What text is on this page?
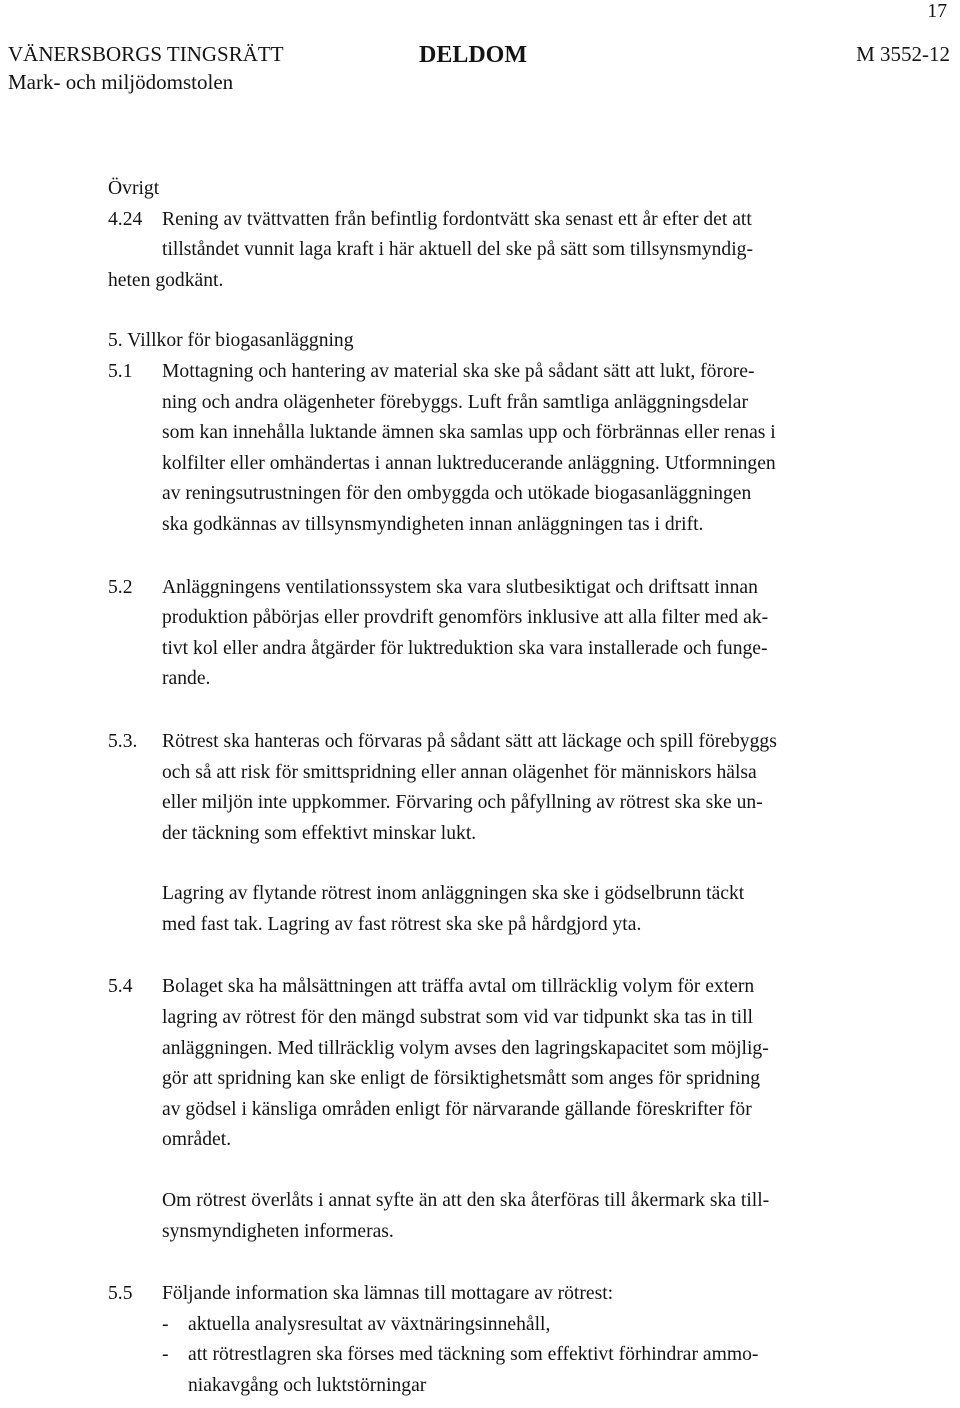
17
VÄNERSBORGS TINGSRÄTT
Mark- och miljödomstolen
DELDOM	M 3552-12
Övrigt
4.24	Rening av tvättvatten från befintlig fordontvätt ska senast ett år efter det att

tillståndet vunnit laga kraft i här aktuell del ske på sätt som tillsynsmyndig-

heten godkänt.
5. Villkor för biogasanläggning
5.1	Mottagning och hantering av material ska ske på sådant sätt att lukt, förore-

ning och andra olägenheter förebyggs. Luft från samtliga anläggningsdelar

som kan innehålla luktande ämnen ska samlas upp och förbrännas eller renas i

kolfilter eller omhändertas i annan luktreducerande anläggning. Utformningen

av reningsutrustningen för den ombyggda och utökade biogasanläggningen

ska godkännas av tillsynsmyndigheten innan anläggningen tas i drift.

5.2	Anläggningens ventilationssystem ska vara slutbesiktigat och driftsatt innan

produktion påbörjas eller provdrift genomförs inklusive att alla filter med ak-

tivt kol eller andra åtgärder för luktreduktion ska vara installerade och funge-

rande.

5.3.	Rötrest ska hanteras och förvaras på sådant sätt att läckage och spill förebyggs

och så att risk för smittspridning eller annan olägenhet för människors hälsa

eller miljön inte uppkommer. Förvaring och påfyllning av rötrest ska ske un-

der täckning som effektivt minskar lukt.

Lagring av flytande rötrest inom anläggningen ska ske i gödselbrunn täckt

med fast tak. Lagring av fast rötrest ska ske på hårdgjord yta.

5.4	Bolaget ska ha målsättningen att träffa avtal om tillräcklig volym för extern

lagring av rötrest för den mängd substrat som vid var tidpunkt ska tas in till

anläggningen. Med tillräcklig volym avses den lagringskapacitet som möjlig-

gör att spridning kan ske enligt de försiktighetsmått som anges för spridning

av gödsel i känsliga områden enligt för närvarande gällande föreskrifter för

området.

Om rötrest överlåts i annat syfte än att den ska återföras till åkermark ska till-

synsmyndigheten informeras.

5.5	Följande information ska lämnas till mottagare av rötrest:

- aktuella analysresultat av växtnäringsinnehåll,
- att rötrestlagren ska förses med täckning som effektivt förhindrar ammo-

niakavgång och luktstörningar
